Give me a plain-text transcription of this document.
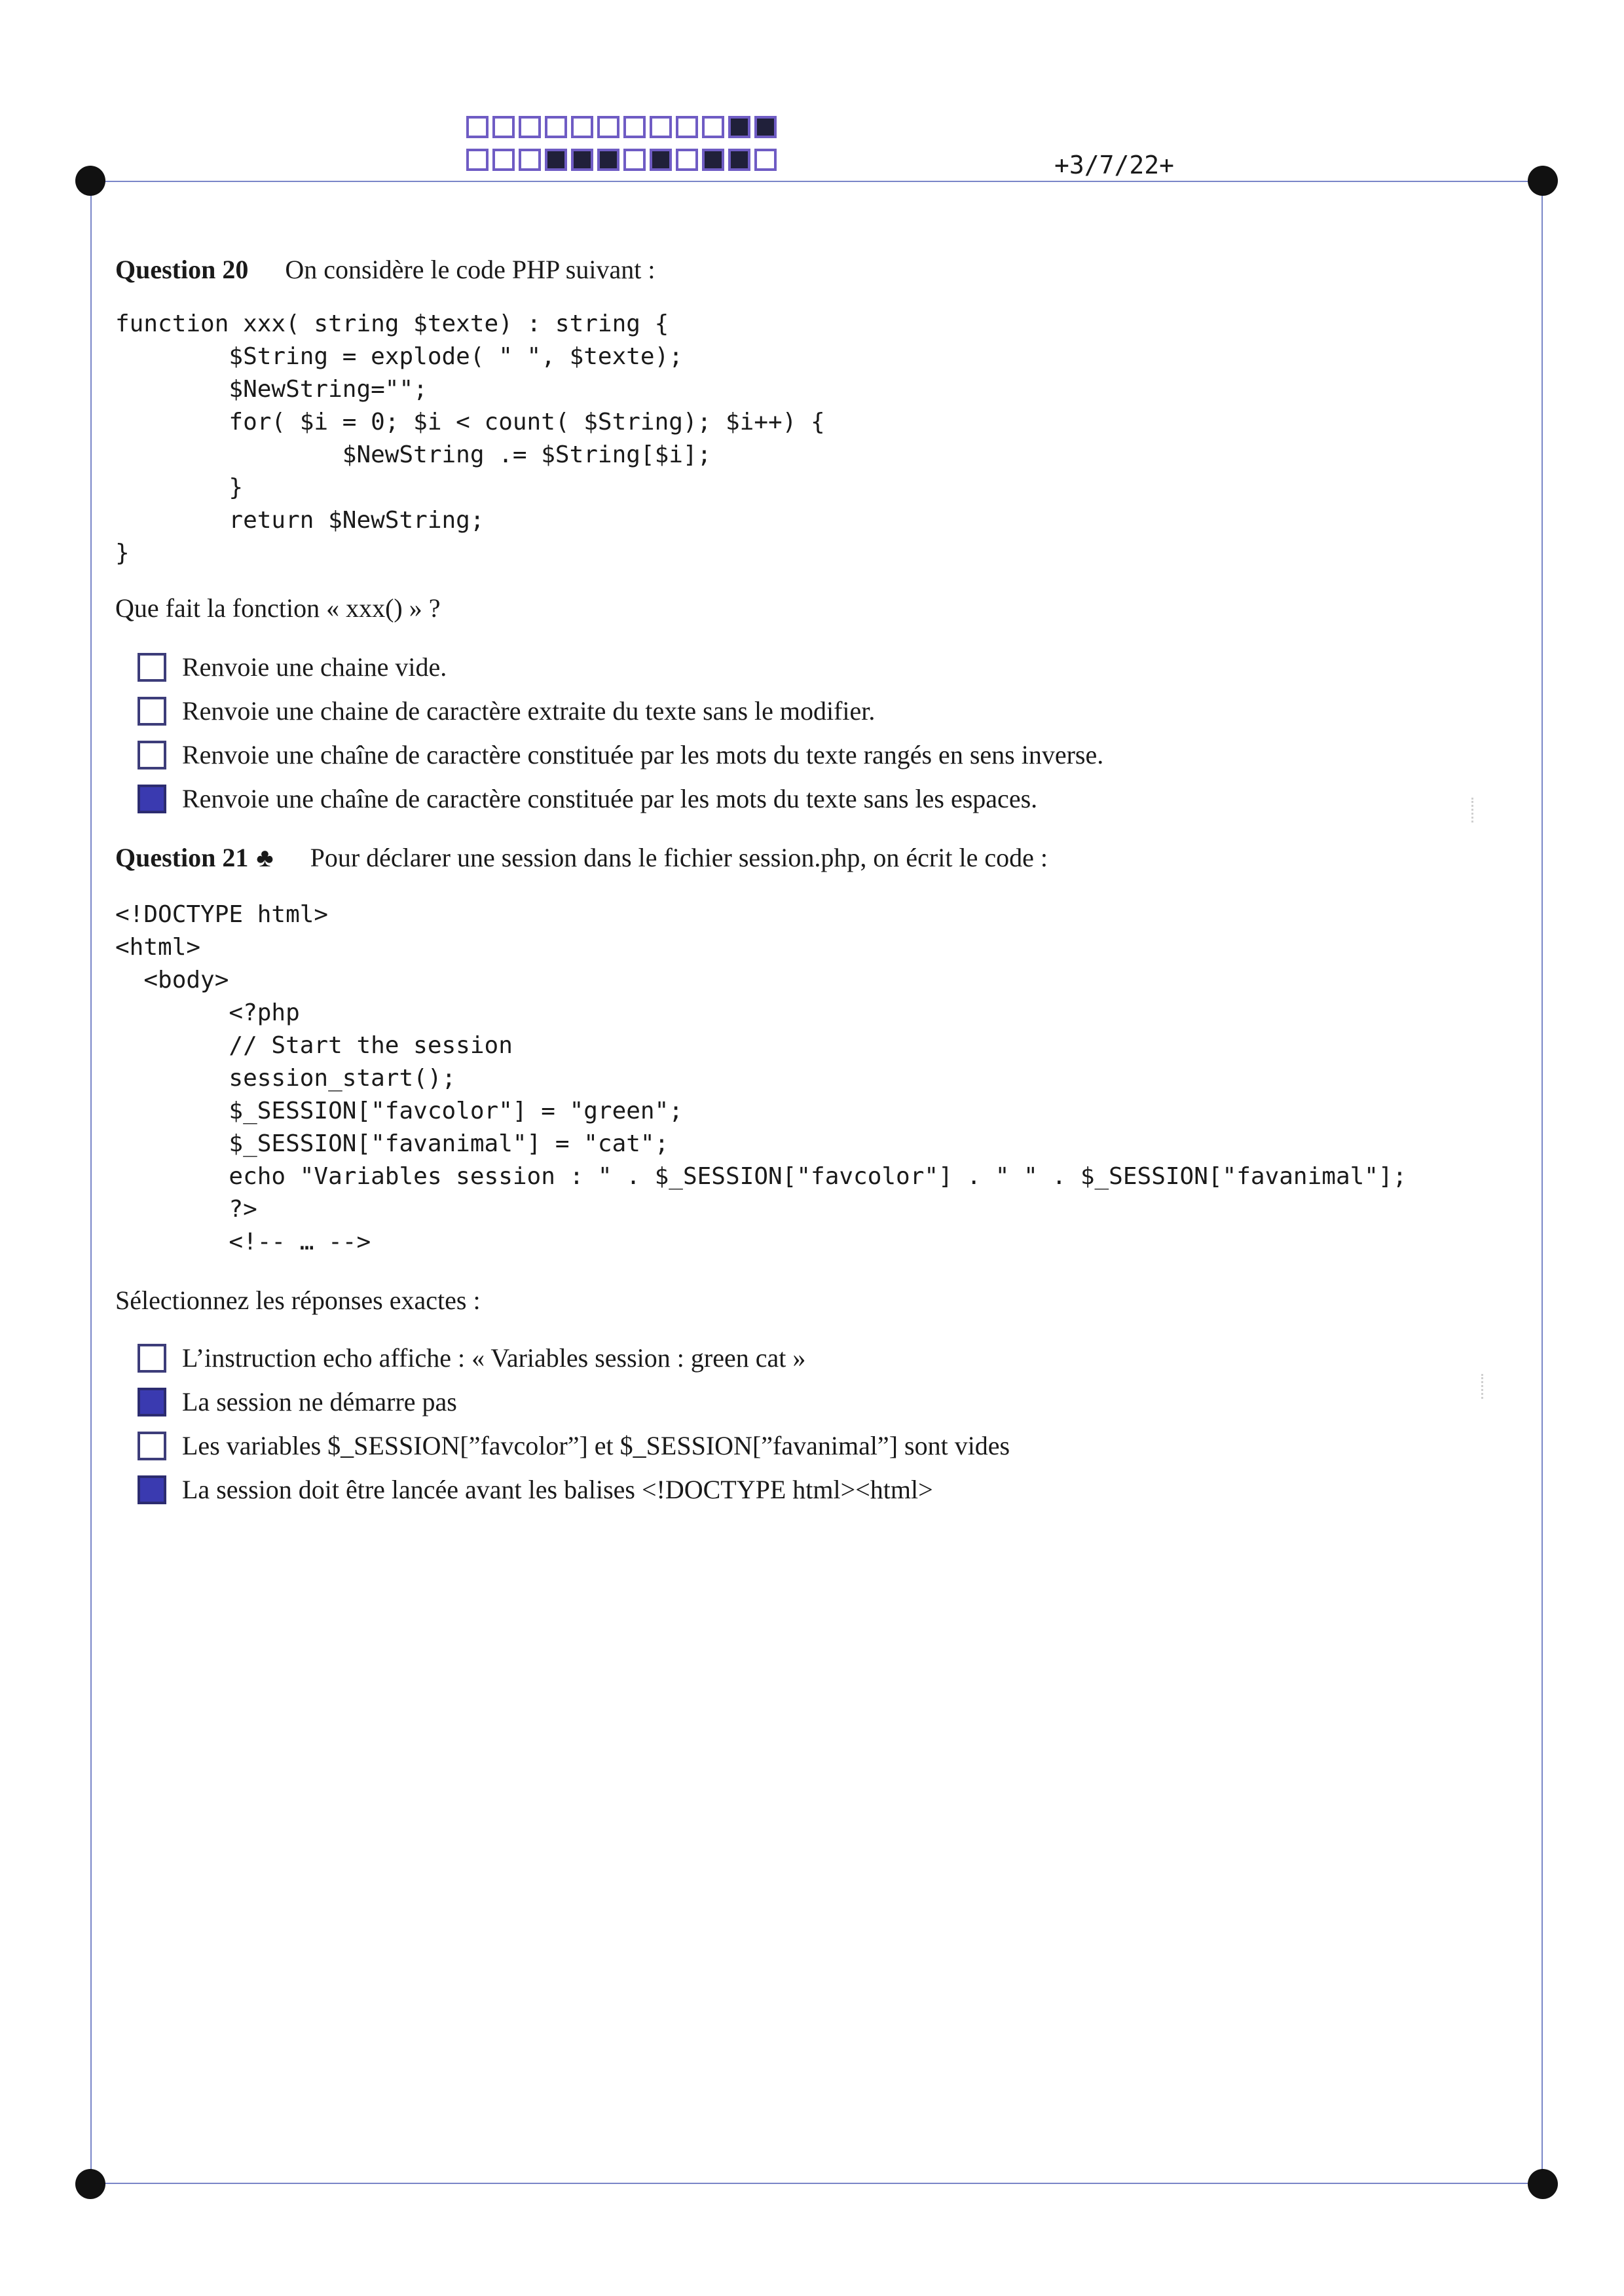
+3/7/22+
Question 20 On considère le code PHP suivant :
function xxx( string $texte) : string {
$String = explode( " ", $texte);
$NewString="";
for( $i = 0; $i < count( $String); $i++) {
$NewString .= $String[$i];
}
return $NewString;
}
Que fait la fonction « xxx() » ?
Renvoie une chaine vide.
Renvoie une chaine de caractère extraite du texte sans le modifier.
Renvoie une chaîne de caractère constituée par les mots du texte rangés en sens inverse.
Renvoie une chaîne de caractère constituée par les mots du texte sans les espaces.
Question 21 ♣ Pour déclarer une session dans le fichier session.php, on écrit le code :
<!DOCTYPE html>
<html>
<body>
<?php
// Start the session
session_start();
$_SESSION["favcolor"] = "green";
$_SESSION["favanimal"] = "cat";
echo "Variables session : " . $_SESSION["favcolor"] . " " . $_SESSION["favanimal"];
?>
<!-- … -->
Sélectionnez les réponses exactes :
L’instruction echo affiche : « Variables session : green cat »
La session ne démarre pas
Les variables $_SESSION[”favcolor”] et $_SESSION[”favanimal”] sont vides
La session doit être lancée avant les balises <!DOCTYPE html><html>
